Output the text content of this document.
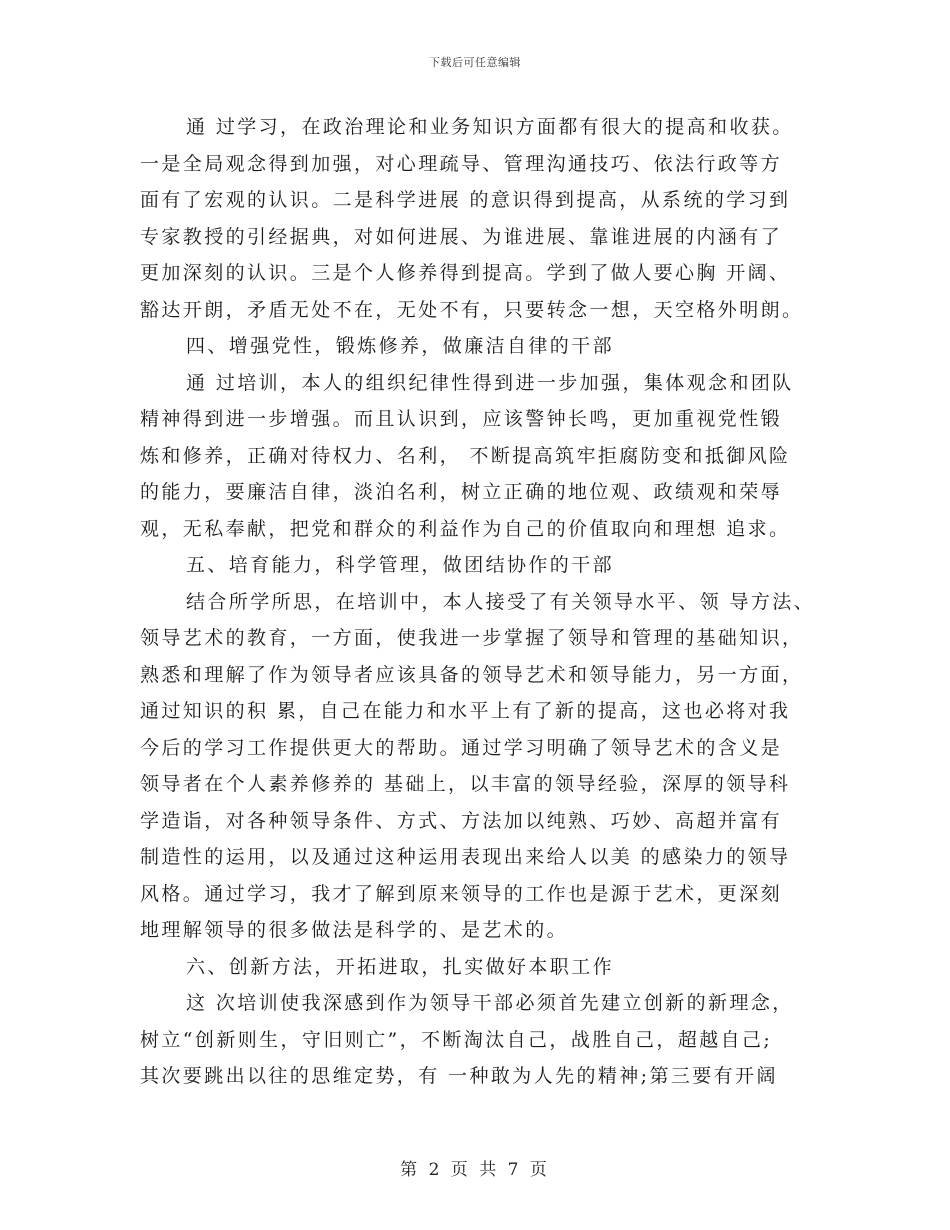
下载后可任意编辑
通 过学习，在政治理论和业务知识方面都有很大的提高和收获。
一是全局观念得到加强，对心理疏导、管理沟通技巧、依法行政等方
面有了宏观的认识。二是科学进展 的意识得到提高，从系统的学习到
专家教授的引经据典，对如何进展、为谁进展、靠谁进展的内涵有了
更加深刻的认识。三是个人修养得到提高。学到了做人要心胸 开阔、
豁达开朗，矛盾无处不在，无处不有，只要转念一想，天空格外明朗。
四、增强党性，锻炼修养，做廉洁自律的干部
通 过培训，本人的组织纪律性得到进一步加强，集体观念和团队
精神得到进一步增强。而且认识到，应该警钟长鸣，更加重视党性锻
炼和修养，正确对待权力、名利， 不断提高筑牢拒腐防变和抵御风险
的能力，要廉洁自律，淡泊名利，树立正确的地位观、政绩观和荣辱
观，无私奉献，把党和群众的利益作为自己的价值取向和理想 追求。
五、培育能力，科学管理，做团结协作的干部
结合所学所思，在培训中，本人接受了有关领导水平、领 导方法、
领导艺术的教育，一方面，使我进一步掌握了领导和管理的基础知识，
熟悉和理解了作为领导者应该具备的领导艺术和领导能力，另一方面，
通过知识的积 累，自己在能力和水平上有了新的提高，这也必将对我
今后的学习工作提供更大的帮助。通过学习明确了领导艺术的含义是
领导者在个人素养修养的 基础上，以丰富的领导经验，深厚的领导科
学造诣，对各种领导条件、方式、方法加以纯熟、巧妙、高超并富有
制造性的运用，以及通过这种运用表现出来给人以美 的感染力的领导
风格。通过学习，我才了解到原来领导的工作也是源于艺术，更深刻
地理解领导的很多做法是科学的、是艺术的。
六、创新方法，开拓进取，扎实做好本职工作
这 次培训使我深感到作为领导干部必须首先建立创新的新理念，
树立“创新则生，守旧则亡”，不断淘汰自己，战胜自己，超越自己;
其次要跳出以往的思维定势，有 一种敢为人先的精神;第三要有开阔
第 2 页 共 7 页
